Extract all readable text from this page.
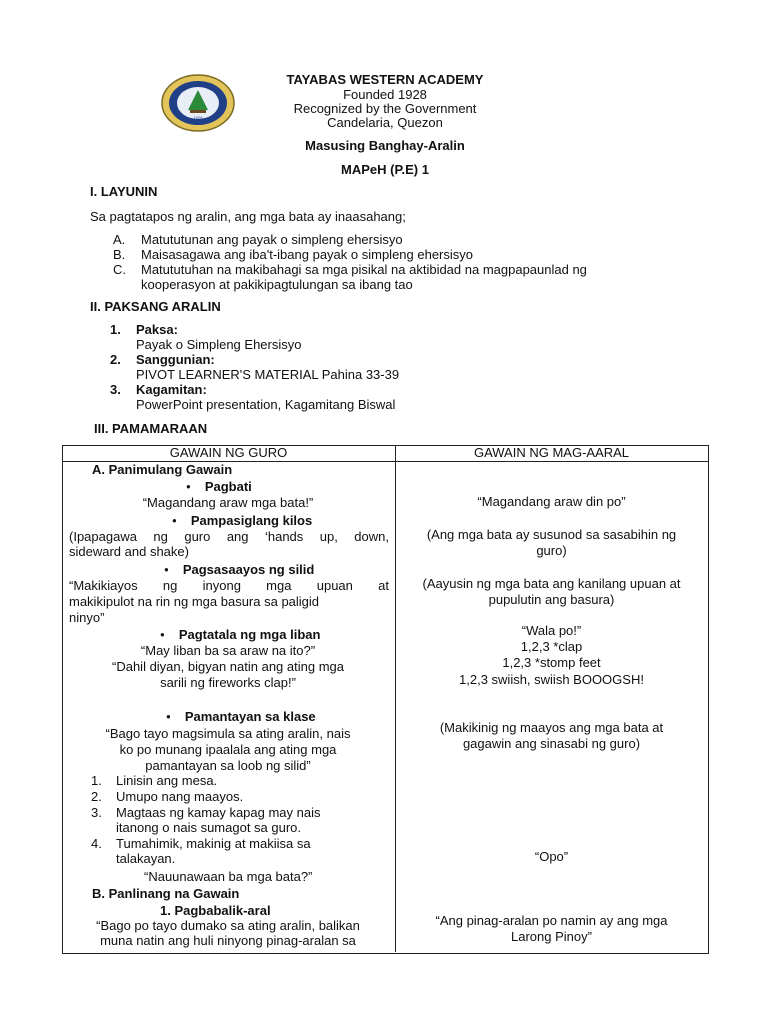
1928
TAYABAS WESTERN ACADEMY
Founded 1928
Recognized by the Government
Candelaria, Quezon
Masusing Banghay-Aralin
MAPeH (P.E) 1
I. LAYUNIN
Sa pagtatapos ng aralin, ang mga bata ay inaasahang;
A. Matututunan ang payak o simpleng ehersisyo
B. Maisasagawa ang iba't-ibang payak o simpleng ehersisyo
C. Matututuhan na makibahagi sa mga pisikal na aktibidad na magpapaunlad ng kooperasyon at pakikipagtulungan sa ibang tao
II. PAKSANG ARALIN
1. Paksa:
Payak o Simpleng Ehersisyo
2. Sanggunian:
PIVOT LEARNER'S MATERIAL Pahina 33-39
3. Kagamitan:
PowerPoint presentation, Kagamitang Biswal
III. PAMAMARAAN
GAWAIN NG GURO	GAWAIN NG MAG-AARAL
A. Panimulang Gawain
● Pagbati
“Magandang araw mga bata!”
● Pampasiglang kilos
(Ipapagawa ng guro ang ‘hands up, down,
sideward and shake)
● Pagsasaayos ng silid
“Makikiayos ng inyong mga upuan at
makikipulot na rin ng mga basura sa paligid
ninyo”
● Pagtatala ng mga liban
“May liban ba sa araw na ito?”
“Dahil diyan, bigyan natin ang ating mga
sarili ng fireworks clap!”
● Pamantayan sa klase
“Bago tayo magsimula sa ating aralin, nais
ko po munang ipaalala ang ating mga
pamantayan sa loob ng silid”
1. Linisin ang mesa.
2. Umupo nang maayos.
3. Magtaas ng kamay kapag may nais
itanong o nais sumagot sa guro.
4. Tumahimik, makinig at makiisa sa
talakayan.
“Nauunawaan ba mga bata?”
B. Panlinang na Gawain
1. Pagbabalik-aral
“Bago po tayo dumako sa ating aralin, balikan
muna natin ang huli ninyong pinag-aralan sa
“Magandang araw din po”
(Ang mga bata ay susunod sa sasabihin ng
guro)
(Aayusin ng mga bata ang kanilang upuan at
pupulutin ang basura)
“Wala po!”
1,2,3 *clap
1,2,3 *stomp feet
1,2,3 swiish, swiish BOOOGSH!
(Makikinig ng maayos ang mga bata at
gagawin ang sinasabi ng guro)
“Opo”
“Ang pinag-aralan po namin ay ang mga
Larong Pinoy”
